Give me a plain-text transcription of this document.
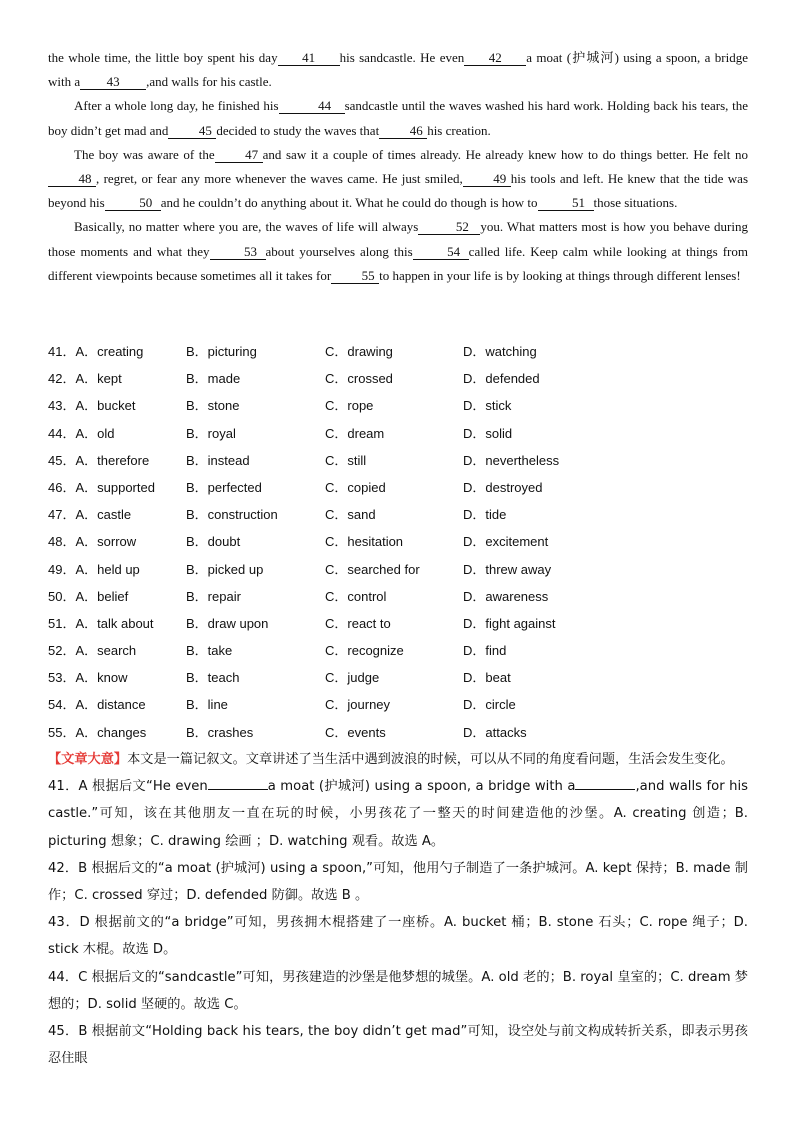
the whole time, the little boy spent his day 41 his sandcastle. He even 42 a moat (护城河) using a spoon, a bridge with a 43 ,and walls for his castle.

After a whole long day, he finished his	44 sandcastle until the waves washed his hard work. Holding back his tears, the boy didn’t get mad and 45 decided to study the waves that 46 his creation.

The boy was aware of the 47 and saw it a couple of times already. He already knew how to do things better. He felt no48 , regret, or fear any more whenever the waves came. He just smiled, 49 his tools and left. He knew that the tide was beyond his	50 and he couldn’t do anything about it. What he could do though is how to	51 those situations.

Basically, no matter where you are, the waves of life will always	52 you. What matters most is how you behave during those moments and what they	53 about yourselves along this	54 called life. Keep calm while looking at things from different viewpoints because sometimes all it takes for 55 to happen in your life is by looking at things through different lenses!

41．A．creating	B．picturing	C．drawing	D．watching
42．A．kept	B．made	C．crossed	D．defended
43．A．bucket	B．stone	C．rope	D．stick
44．A．old	B．royal	C．dream	D．solid
45．A．therefore	B．instead	C．still	D．nevertheless
46．A．supported B．perfected	C．copied	D．destroyed
47．A．castle	B．construction	C．sand	D．tide
48．A．sorrow	B．doubt	C．hesitation	D．excitement
49．A．held up	B．picked up	C．searched for	D．threw away
50．A．belief	B．repair	C．control	D．awareness
51．A．talk about B．draw upon	C．react to	D．fight against
52．A．search	B．take	C．recognize	D．find
53．A．know	B．teach	C．judge	D．beat
54．A．distance	B．line	C．journey	D．circle
55．A．changes	B．crashes	C．events	D．attacks

【文章大意】本文是一篇记叙文。文章讲述了当生活中遇到波浪的时候，可以从不同的角度看问题，生活会发生变化。

41．A 根据后文“He even	a moat (护城河) using a spoon, a bridge with a	,and walls for his castle.”可知，该在其他朋友一直在玩的时候，小男孩花了一整天的时间建造他的沙堡。A. creating 创造；B. picturing 想象；C. drawing 绘画 ；D. watching 观看。故选 A。

42．B 根据后文的“a moat (护城河) using a spoon,”可知，他用勺子制造了一条护城河。A. kept 保持；B. made 制作；C. crossed 穿过；D. defended 防御。故选 B 。

43．D 根据前文的“a bridge”可知，男孩拥木棍搭建了一座桥。A. bucket 桶；B. stone 石头；C. rope 绳子；D. stick 木棍。故选 D。

44．C 根据后文的“sandcastle”可知，男孩建造的沙堡是他梦想的城堡。A. old 老的；B. royal 皇室的；C. dream 梦想的；D. solid 坚硬的。故选 C。

45．B 根据前文“Holding back his tears, the boy didn’t get mad”可知，设空处与前文构成转折关系，即表示男孩忍住眼
